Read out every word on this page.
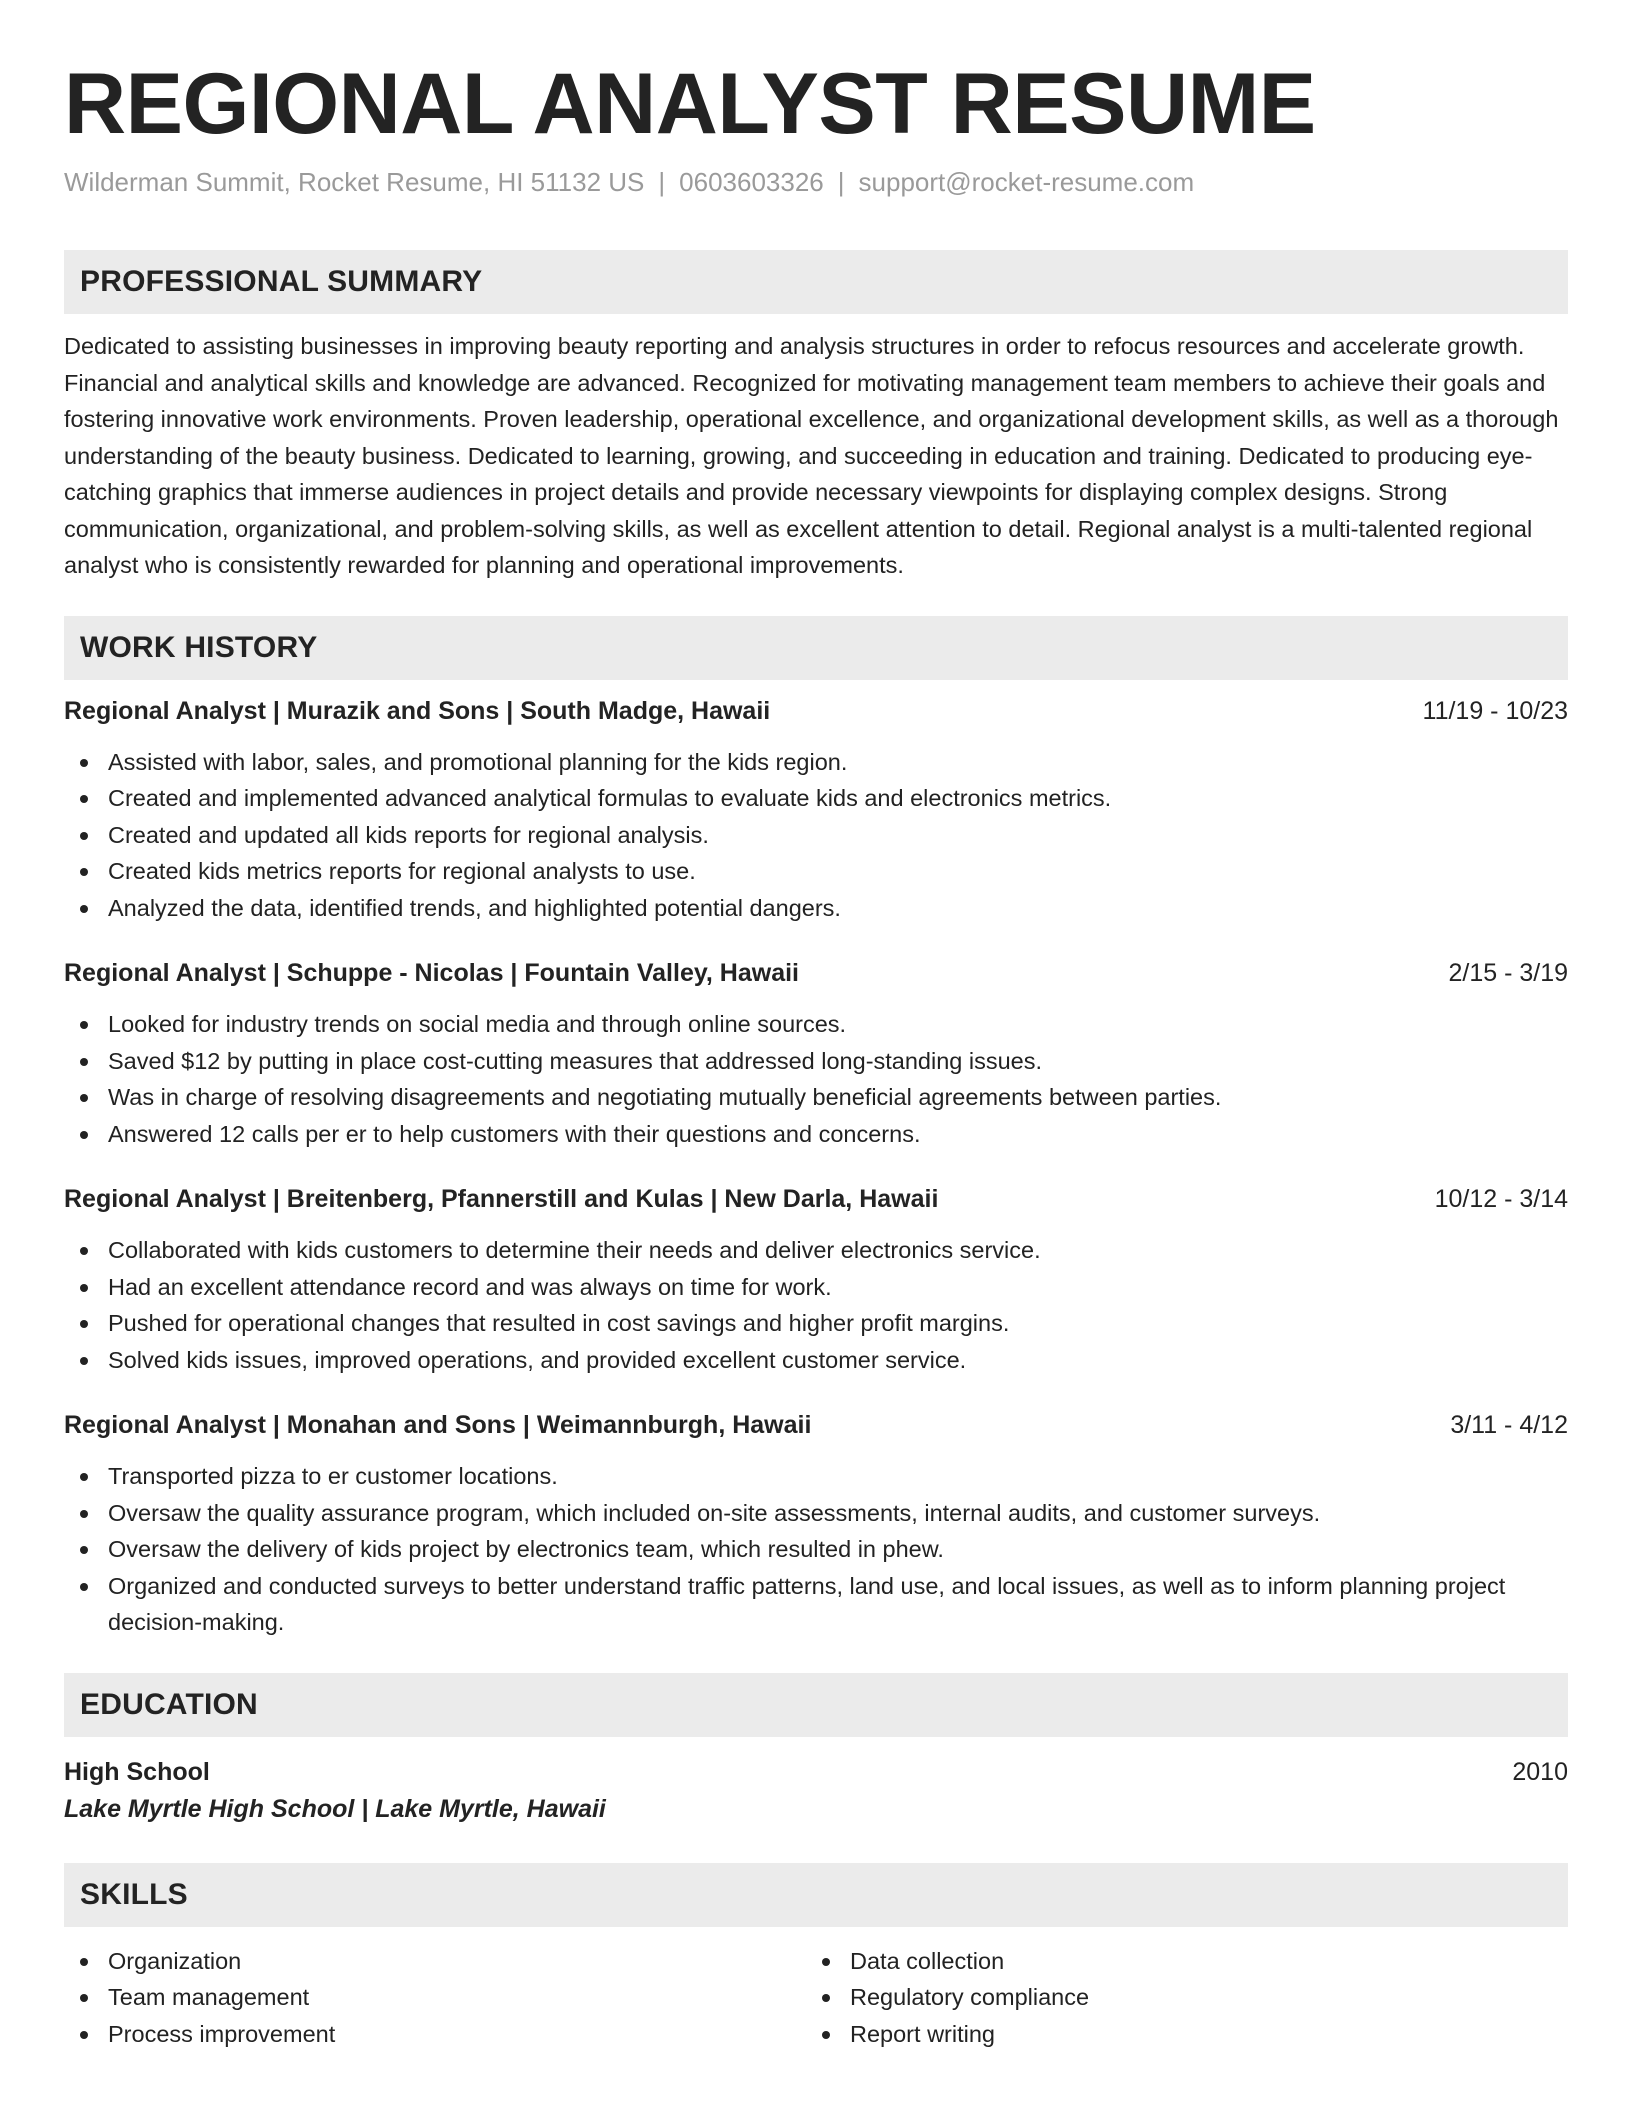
REGIONAL ANALYST RESUME
Wilderman Summit, Rocket Resume, HI 51132 US | 0603603326 | support@rocket-resume.com
PROFESSIONAL SUMMARY

Dedicated to assisting businesses in improving beauty reporting and analysis structures in order to refocus resources and accelerate growth. Financial and analytical skills and knowledge are advanced. Recognized for motivating management team members to achieve their goals and fostering innovative work environments. Proven leadership, operational excellence, and organizational development skills, as well as a thorough understanding of the beauty business. Dedicated to learning, growing, and succeeding in education and training. Dedicated to producing eye-catching graphics that immerse audiences in project details and provide necessary viewpoints for displaying complex designs. Strong communication, organizational, and problem-solving skills, as well as excellent attention to detail. Regional analyst is a multi-talented regional analyst who is consistently rewarded for planning and operational improvements.

WORK HISTORY
Regional Analyst | Murazik and Sons | South Madge, Hawaii	11/19 - 10/23
Assisted with labor, sales, and promotional planning for the kids region.
Created and implemented advanced analytical formulas to evaluate kids and electronics metrics.
Created and updated all kids reports for regional analysis.
Created kids metrics reports for regional analysts to use.
Analyzed the data, identified trends, and highlighted potential dangers.
Regional Analyst | Schuppe - Nicolas | Fountain Valley, Hawaii	2/15 - 3/19
Looked for industry trends on social media and through online sources.
Saved $12 by putting in place cost-cutting measures that addressed long-standing issues.
Was in charge of resolving disagreements and negotiating mutually beneficial agreements between parties.
Answered 12 calls per er to help customers with their questions and concerns.
Regional Analyst | Breitenberg, Pfannerstill and Kulas | New Darla, Hawaii	10/12 - 3/14
Collaborated with kids customers to determine their needs and deliver electronics service.
Had an excellent attendance record and was always on time for work.
Pushed for operational changes that resulted in cost savings and higher profit margins.
Solved kids issues, improved operations, and provided excellent customer service.
Regional Analyst | Monahan and Sons | Weimannburgh, Hawaii	3/11 - 4/12
Transported pizza to er customer locations.
Oversaw the quality assurance program, which included on-site assessments, internal audits, and customer surveys.
Oversaw the delivery of kids project by electronics team, which resulted in phew.
Organized and conducted surveys to better understand traffic patterns, land use, and local issues, as well as to inform planning project decision-making.
EDUCATION
High School	2010
Lake Myrtle High School | Lake Myrtle, Hawaii
SKILLS
Organization
Team management
Process improvement
Data collection
Regulatory compliance
Report writing
